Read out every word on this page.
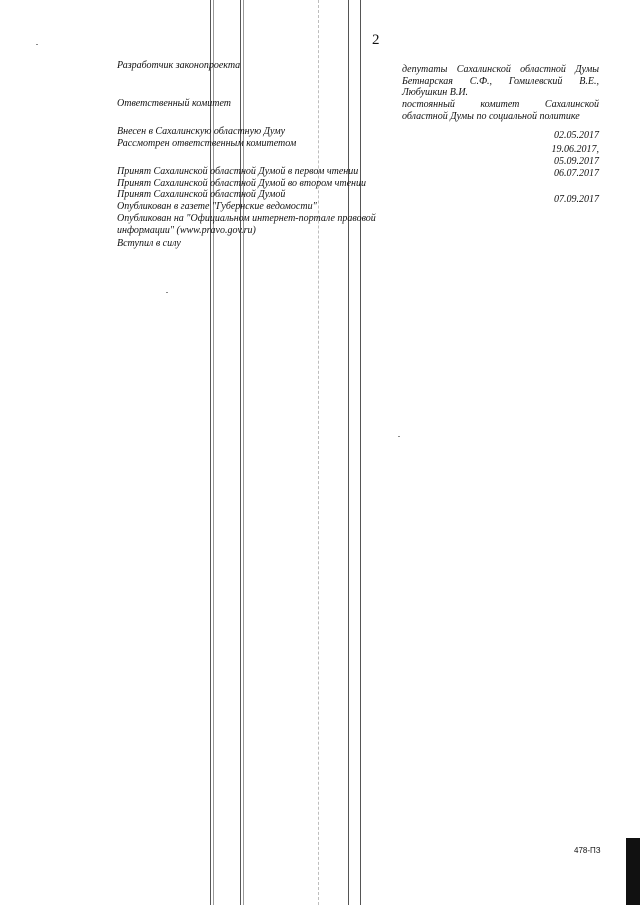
2
Разработчик законопроекта
Ответственный комитет
Внесен в Сахалинскую областную Думу
Рассмотрен ответственным комитетом
Принят Сахалинской областной Думой в первом чтении
Принят Сахалинской областной Думой во втором чтении
Принят Сахалинской областной Думой
Опубликован в газете "Губернские ведомости"
Опубликован на "Официальном интернет-портале правовой информации" (www.pravo.gov.ru)
Вступил в силу
депутаты Сахалинской областной Думы Бетнарская С.Ф., Гомилевский В.Е., Любушкин В.И.
постоянный комитет Сахалинской областной Думы по социальной политике
02.05.2017
19.06.2017,
05.09.2017
06.07.2017
07.09.2017
478-ПЗ
